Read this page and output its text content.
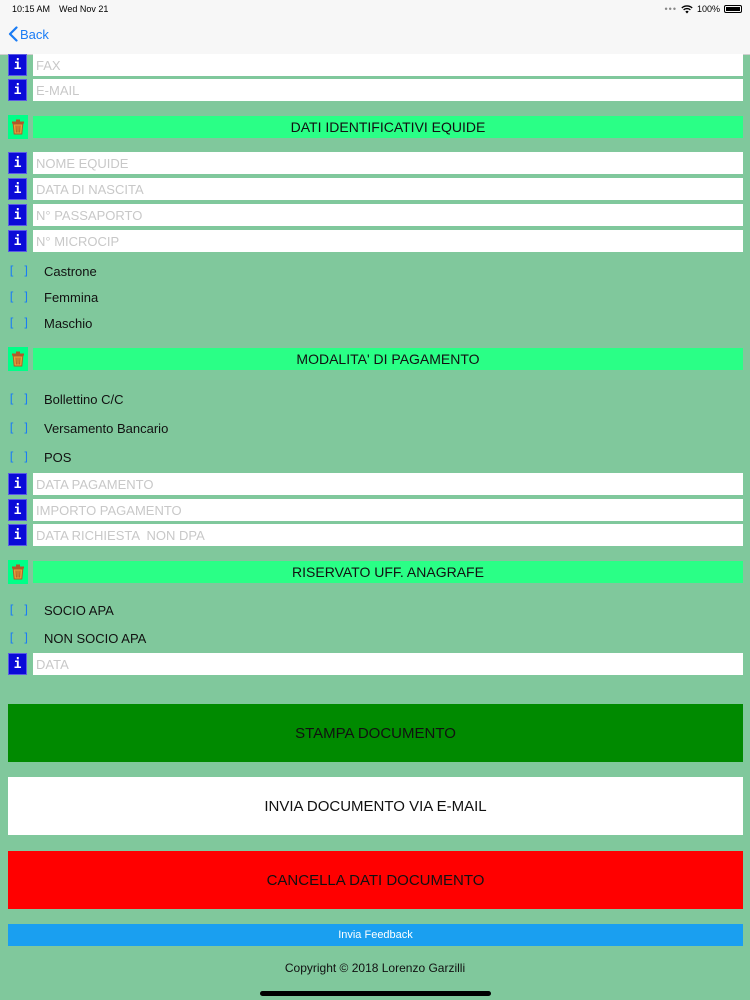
10:15 AM Wed Nov 21	••• 100%
Back
i
FAX
i
E-MAIL
DATI IDENTIFICATIVI EQUIDE
i
NOME EQUIDE
i
DATA DI NASCITA
i
N° PASSAPORTO
i
N° MICROCIP
[ ] Castrone
[ ] Femmina
[ ] Maschio
MODALITA' DI PAGAMENTO
[ ] Bollettino C/C
[ ] Versamento Bancario
[ ] POS
i
DATA PAGAMENTO
i
IMPORTO PAGAMENTO
i
DATA RICHIESTA NON DPA
RISERVATO UFF. ANAGRAFE
[ ] SOCIO APA
[ ] NON SOCIO APA
i
DATA
STAMPA DOCUMENTO
INVIA DOCUMENTO VIA E-MAIL
CANCELLA DATI DOCUMENTO
Invia Feedback
Copyright © 2018 Lorenzo Garzilli
